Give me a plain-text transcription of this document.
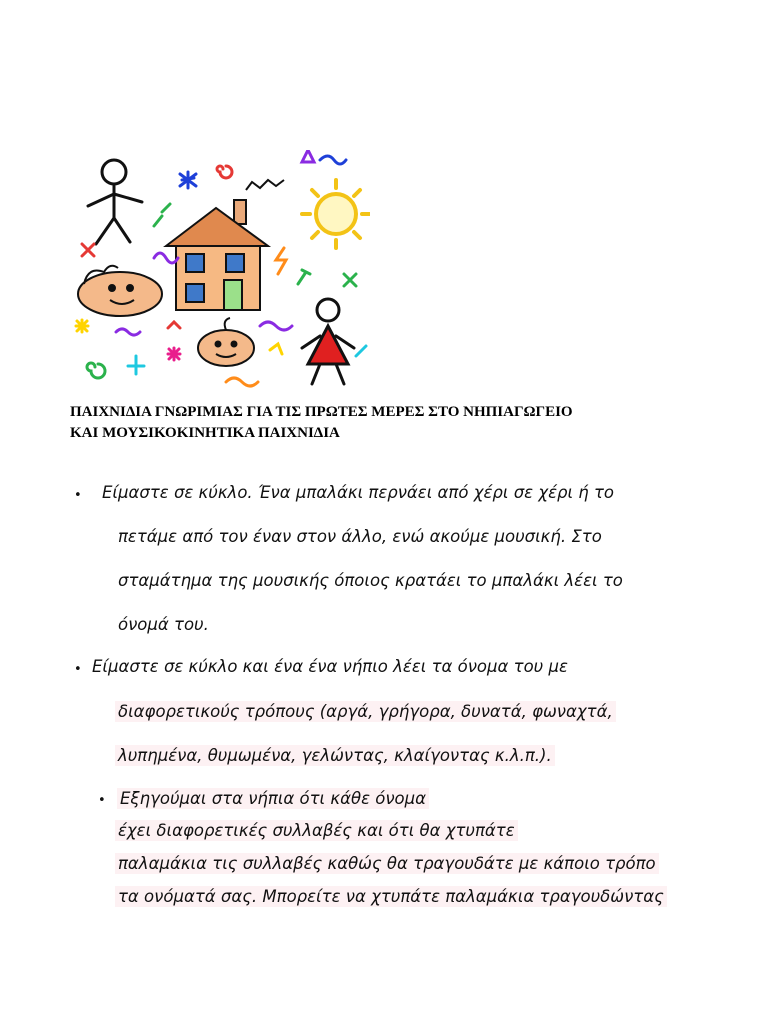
ΠΑΙΧΝΙΔΙΑ ΓΝΩΡΙΜΙΑΣ ΓΙΑ ΤΙΣ ΠΡΩΤΕΣ ΜΕΡΕΣ ΣΤΟ ΝΗΠΙΑΓΩΓΕΙΟ
ΚΑΙ ΜΟΥΣΙΚΟΚΙΝΗΤΙΚΑ ΠΑΙΧΝΙΔΙΑ
• Είμαστε σε κύκλο. Ένα μπαλάκι περνάει από χέρι σε χέρι ή το
πετάμε από τον έναν στον άλλο, ενώ ακούμε μουσική. Στο
σταμάτημα της μουσικής όποιος κρατάει το μπαλάκι λέει το
όνομά του.
• Είμαστε σε κύκλο και ένα ένα νήπιο λέει τα όνομα του με
διαφορετικούς τρόπους (αργά, γρήγορα, δυνατά, φωναχτά,
λυπημένα, θυμωμένα, γελώντας, κλαίγοντας κ.λ.π.).
• Εξηγούμαι στα νήπια ότι κάθε όνομα
έχει διαφορετικές συλλαβές και ότι θα χτυπάτε
παλαμάκια τις συλλαβές καθώς θα τραγουδάτε με κάποιο τρόπο
τα ονόματά σας. Μπορείτε να χτυπάτε παλαμάκια τραγουδώντας
